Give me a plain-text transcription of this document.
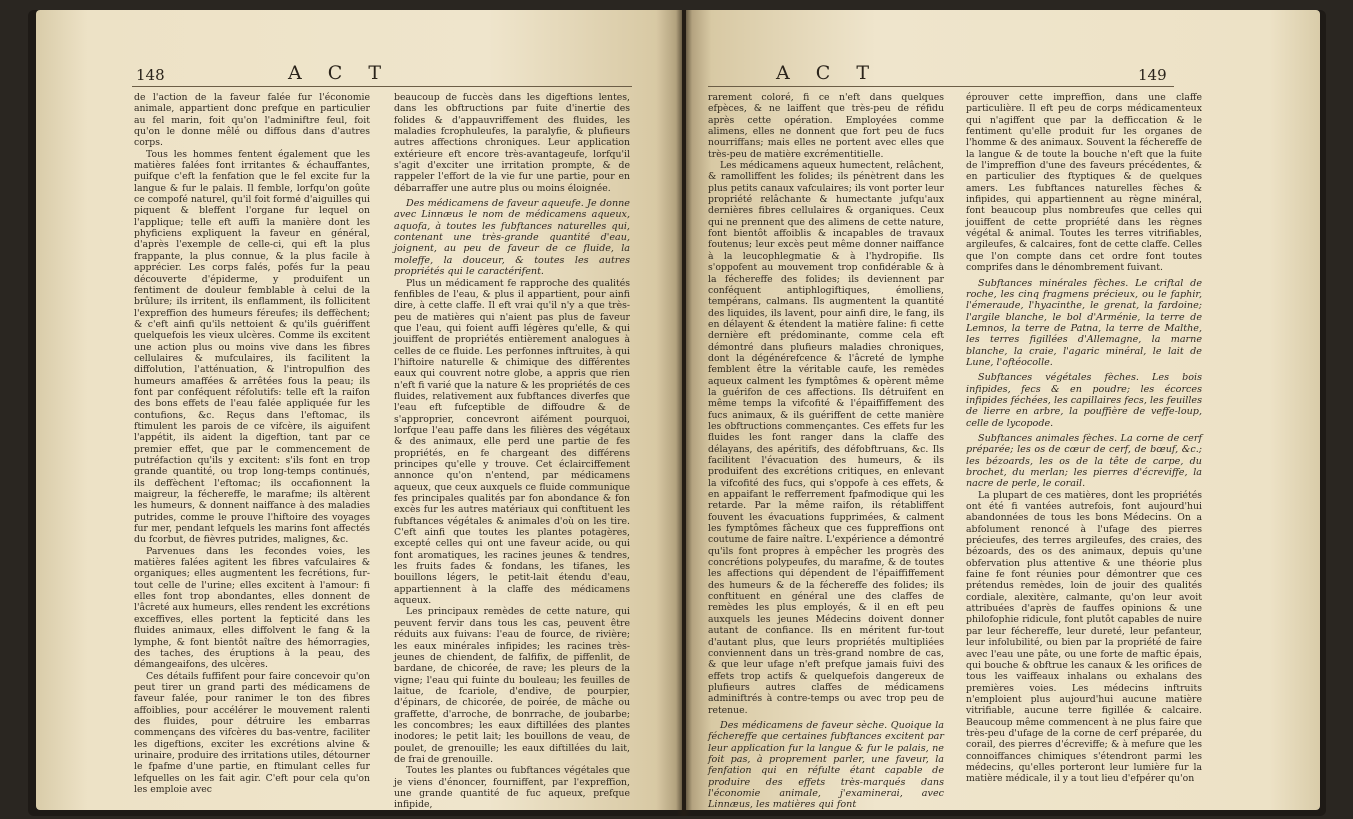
148	A C T

de l'action de la faveur falée fur l'économie animale, appartient donc prefque en particulier au fel marin, foit qu'on l'adminiftre feul, foit qu'on le donne mêlé ou diffous dans d'autres corps.

Tous les hommes fentent également que les matières falées font irritantes & échauffantes, puifque c'eft la fenfation que le fel excite fur la langue & fur le palais. Il femble, lorfqu'on goûte ce compofé naturel, qu'il foit formé d'aiguilles qui piquent & bleffent l'organe fur lequel on l'applique; telle eft auffi la manière dont les phyficiens expliquent la faveur en général, d'après l'exemple de celle-ci, qui eft la plus frappante, la plus connue, & la plus facile à apprécier. Les corps falés, pofés fur la peau découverte d'épiderme, y produifent un fentiment de douleur femblable à celui de la brûlure; ils irritent, ils enflamment, ils follicitent l'expreffion des humeurs féreufes; ils deffèchent; & c'eft ainfi qu'ils nettoient & qu'ils guériffent quelquefois les vieux ulcères. Comme ils excitent une action plus ou moins vive dans les fibres cellulaires & mufculaires, ils facilitent la diffolution, l'atténuation, & l'intropulfion des humeurs amaffées & arrêtées fous la peau; ils font par conféquent réfolutifs: telle eft la raifon des bons effets de l'eau falée appliquée fur les contufions, &c. Reçus dans l'eftomac, ils ftimulent les parois de ce vifcère, ils aiguifent l'appétit, ils aident la digeftion, tant par ce premier effet, que par le commencement de putréfaction qu'ils y excitent: s'ils font en trop grande quantité, ou trop long-temps continués, ils deffèchent l'eftomac; ils occafionnent la maigreur, la féchereffe, le marafme; ils altèrent les humeurs, & donnent naiffance à des maladies putrides, comme le prouve l'hiftoire des voyages fur mer, pendant lefquels les marins font affectés du fcorbut, de fièvres putrides, malignes, &c.

Parvenues dans les fecondes voies, les matières falées agitent les fibres vafculaires & organiques; elles augmentent les fecrétions, fur-tout celle de l'urine; elles excitent à l'amour: fi elles font trop abondantes, elles donnent de l'âcreté aux humeurs, elles rendent les excrétions exceffives, elles portent la fepticité dans les fluides animaux, elles diffolvent le fang & la lymphe, & font bientôt naître des hémorragies, des taches, des éruptions à la peau, des démangeaifons, des ulcères.

Ces détails fuffifent pour faire concevoir qu'on peut tirer un grand parti des médicamens de faveur falée, pour ranimer le ton des fibres affoiblies, pour accélérer le mouvement ralenti des fluides, pour détruire les embarras commençans des vifcères du bas-ventre, faciliter les digeftions, exciter les excrétions alvine & urinaire, produire des irritations utiles, détourner le fpafme d'une partie, en ftimulant celles fur lefquelles on les fait agir. C'eft pour cela qu'on les emploie avec

beaucoup de fuccès dans les digeftions lentes, dans les obftructions par fuite d'inertie des folides & d'appauvriffement des fluides, les maladies fcrophuleufes, la paralyfie, & plufieurs autres affections chroniques. Leur application extérieure eft encore très-avantageufe, lorfqu'il s'agit d'exciter une irritation prompte, & de rappeler l'effort de la vie fur une partie, pour en débarraffer une autre plus ou moins éloignée.

Des médicamens de faveur aqueufe. Je donne avec Linnæus le nom de médicamens aqueux, aquofa, à toutes les fubftances naturelles qui, contenant une très-grande quantité d'eau, joignent, au peu de faveur de ce fluide, la moleffe, la douceur, & toutes les autres propriétés qui le caractérifent.

Plus un médicament fe rapproche des qualités fenfibles de l'eau, & plus il appartient, pour ainfi dire, à cette claffe. Il eft vrai qu'il n'y a que très-peu de matières qui n'aient pas plus de faveur que l'eau, qui foient auffi légères qu'elle, & qui jouiffent de propriétés entièrement analogues à celles de ce fluide. Les perfonnes inftruites, à qui l'hiftoire naturelle & chimique des différentes eaux qui couvrent notre globe, a appris que rien n'eft fi varié que la nature & les propriétés de ces fluides, relativement aux fubftances diverfes que l'eau eft fufceptible de diffoudre & de s'approprier, concevront aifément pourquoi, lorfque l'eau paffe dans les filières des végétaux & des animaux, elle perd une partie de fes propriétés, en fe chargeant des différens principes qu'elle y trouve. Cet éclairciffement annonce qu'on n'entend, par médicamens aqueux, que ceux auxquels ce fluide communique fes principales qualités par fon abondance & fon excès fur les autres matériaux qui conftituent les fubftances végétales & animales d'où on les tire. C'eft ainfi que toutes les plantes potagères, excepté celles qui ont une faveur acide, ou qui font aromatiques, les racines jeunes & tendres, les fruits fades & fondans, les tifanes, les bouillons légers, le petit-lait étendu d'eau, appartiennent à la claffe des médicamens aqueux.

Les principaux remèdes de cette nature, qui peuvent fervir dans tous les cas, peuvent être réduits aux fuivans: l'eau de fource, de rivière; les eaux minérales infipides; les racines très-jeunes de chiendent, de falfifix, de piffenlit, de bardane, de chicorée, de rave; les pleurs de la vigne; l'eau qui fuinte du bouleau; les feuilles de laitue, de fcariole, d'endive, de pourpier, d'épinars, de chicorée, de poirée, de mâche ou graffette, d'arroche, de bonrrache, de joubarbe; les concombres; les eaux diftillées des plantes inodores; le petit lait; les bouillons de veau, de poulet, de grenouille; les eaux diftillées du lait, de frai de grenouille.

Toutes les plantes ou fubftances végétales que je viens d'énoncer, fourniffent, par l'expreffion, une grande quantité de fuc aqueux, prefque infipide,

A C T	149

rarement coloré, fi ce n'eft dans quelques efpèces, & ne laiffent que très-peu de réfidu après cette opération. Employées comme alimens, elles ne donnent que fort peu de fucs nourriffans; mais elles ne portent avec elles que très-peu de matière excrémentitielle.

Les médicamens aqueux humectent, relâchent, & ramolliffent les folides; ils pénètrent dans les plus petits canaux vafculaires; ils vont porter leur propriété relâchante & humectante jufqu'aux dernières fibres cellulaires & organiques. Ceux qui ne prennent que des alimens de cette nature, font bientôt affoiblis & incapables de travaux foutenus; leur excès peut même donner naiffance à la leucophlegmatie & à l'hydropifie. Ils s'oppofent au mouvement trop confidérable & à la féchereffe des folides; ils deviennent par conféquent antiphlogiftiques, émolliens, tempérans, calmans. Ils augmentent la quantité des liquides, ils lavent, pour ainfi dire, le fang, ils en délayent & étendent la matière faline: fi cette dernière eft prédominante, comme cela eft démontré dans plufieurs maladies chroniques, dont la dégénérefcence & l'âcreté de lymphe femblent être la véritable caufe, les remèdes aqueux calment les fymptômes & opèrent même la guérifon de ces affections. Ils détruifent en même temps la vifcofité & l'épaiffiffement des fucs animaux, & ils guériffent de cette manière les obftructions commençantes. Ces effets fur les fluides les font ranger dans la claffe des délayans, des apéritifs, des défobftruans, &c. Ils facilitent l'évacuation des humeurs, & ils produifent des excrétions critiques, en enlevant la vifcofité des fucs, qui s'oppofe à ces effets, & en appaifant le refferrement fpafmodique qui les retarde. Par la même raifon, ils rétabliffent fouvent les évacuations fupprimées, & calment les fymptômes fâcheux que ces fuppreffions ont coutume de faire naître. L'expérience a démontré qu'ils font propres à empêcher les progrès des concrétions polypeufes, du marafme, & de toutes les affections qui dépendent de l'épaiffiffement des humeurs & de la féchereffe des folides; ils conftituent en général une des claffes de remèdes les plus employés, & il en eft peu auxquels les jeunes Médecins doivent donner autant de confiance. Ils en méritent fur-tout d'autant plus, que leurs propriétés multipliées conviennent dans un très-grand nombre de cas, & que leur ufage n'eft prefque jamais fuivi des effets trop actifs & quelquefois dangereux de plufieurs autres claffes de médicamens adminiftrés à contre-temps ou avec trop peu de retenue.

Des médicamens de faveur sèche. Quoique la féchereffe que certaines fubftances excitent par leur application fur la langue & fur le palais, ne foit pas, à proprement parler, une faveur, la fenfation qui en réfulte étant capable de produire des effets très-marqués dans l'économie animale, j'examinerai, avec Linnæus, les matières qui font

éprouver cette impreffion, dans une claffe particulière. Il eft peu de corps médicamenteux qui n'agiffent que par la defficcation & le fentiment qu'elle produit fur les organes de l'homme & des animaux. Souvent la féchereffe de la langue & de toute la bouche n'eft que la fuite de l'impreffion d'une des faveurs précédentes, & en particulier des ftyptiques & de quelques amers. Les fubftances naturelles fèches & infipides, qui appartiennent au règne minéral, font beaucoup plus nombreufes que celles qui jouiffent de cette propriété dans les règnes végétal & animal. Toutes les terres vitrifiables, argileufes, & calcaires, font de cette claffe. Celles que l'on compte dans cet ordre font toutes comprifes dans le dénombrement fuivant.

Subftances minérales fèches. Le criftal de roche, les cinq fragmens précieux, ou le faphir, l'émeraude, l'hyacinthe, le grenat, la fardoine; l'argile blanche, le bol d'Arménie, la terre de Lemnos, la terre de Patna, la terre de Malthe, les terres figillées d'Allemagne, la marne blanche, la craie, l'agaric minéral, le lait de Lune, l'oftéocolle.
Subftances végétales fèches. Les bois infipides, fecs & en poudre; les écorces infipides féchées, les capillaires fecs, les feuilles de lierre en arbre, la pouffière de veffe-loup, celle de lycopode.
Subftances animales fèches. La corne de cerf préparée; les os de cœur de cerf, de bœuf, &c.; les bézoards, les os de la tête de carpe, du brochet, du merlan; les pierres d'écreviffe, la nacre de perle, le corail.

La plupart de ces matières, dont les propriétés ont été fi vantées autrefois, font aujourd'hui abandonnées de tous les bons Médecins. On a abfolument renoncé à l'ufage des pierres précieufes, des terres argileufes, des craies, des bézoards, des os des animaux, depuis qu'une obfervation plus attentive & une théorie plus faine fe font réunies pour démontrer que ces prétendus remèdes, loin de jouir des qualités cordiale, alexitère, calmante, qu'on leur avoit attribuées d'après de fauffes opinions & une philofophie ridicule, font plutôt capables de nuire par leur féchereffe, leur dureté, leur pefanteur, leur infolubilité, ou bien par la propriété de faire avec l'eau une pâte, ou une forte de maftic épais, qui bouche & obftrue les canaux & les orifices de tous les vaiffeaux inhalans ou exhalans des premières voies. Les médecins inftruits n'emploient plus aujourd'hui aucune matière vitrifiable, aucune terre figillée & calcaire. Beaucoup même commencent à ne plus faire que très-peu d'ufage de la corne de cerf préparée, du corail, des pierres d'écreviffe; & à mefure que les connoiffances chimiques s'étendront parmi les médecins, qu'elles porteront leur lumière fur la matière médicale, il y a tout lieu d'efpérer qu'on
